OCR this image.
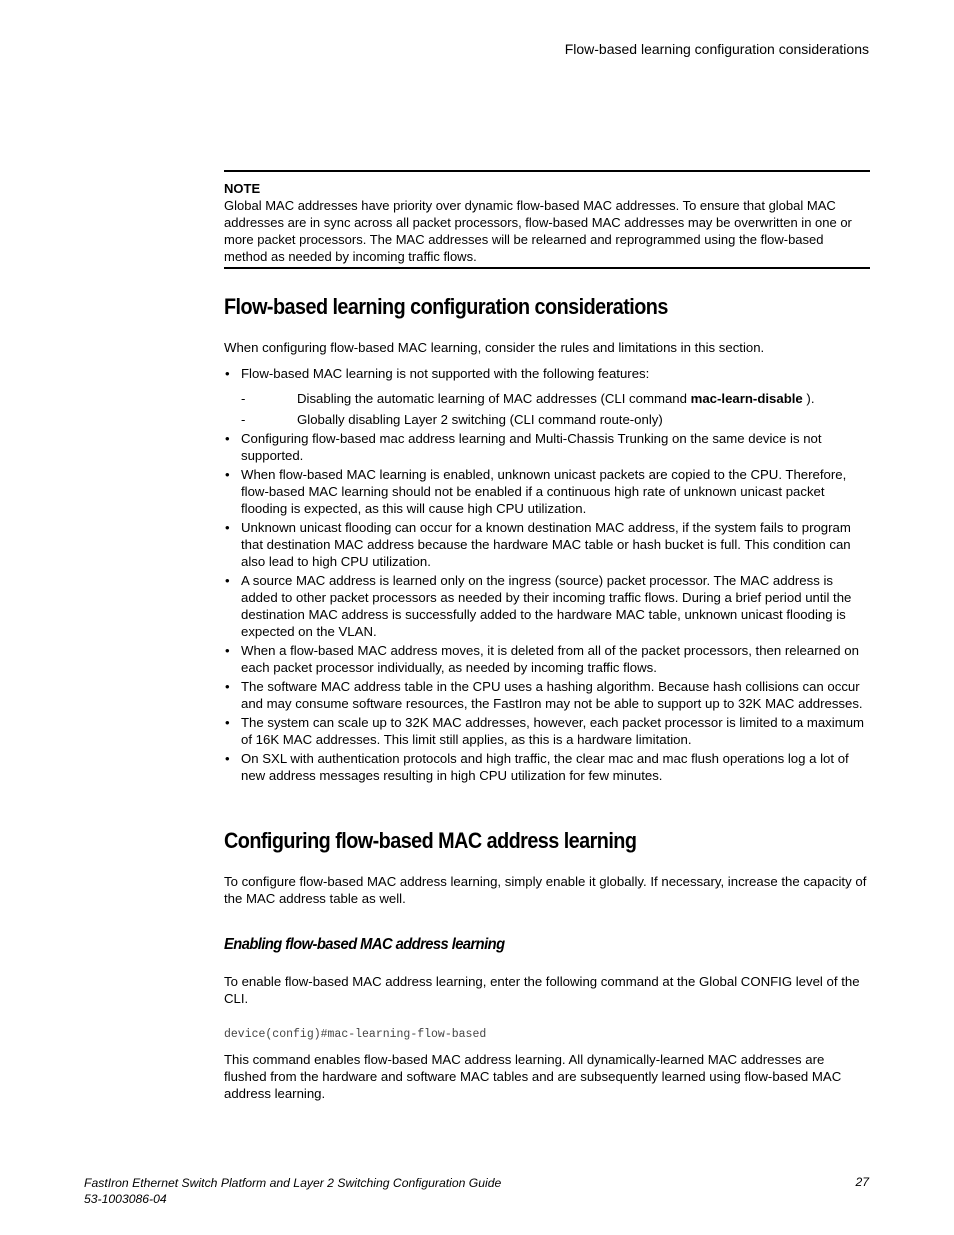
Flow-based learning configuration considerations
NOTE
Global MAC addresses have priority over dynamic flow-based MAC addresses. To ensure that global MAC addresses are in sync across all packet processors, flow-based MAC addresses may be overwritten in one or more packet processors. The MAC addresses will be relearned and reprogrammed using the flow-based method as needed by incoming traffic flows.
Flow-based learning configuration considerations
When configuring flow-based MAC learning, consider the rules and limitations in this section.
• Flow-based MAC learning is not supported with the following features:
-	Disabling the automatic learning of MAC addresses (CLI command mac-learn-disable ).
-	Globally disabling Layer 2 switching (CLI command route-only)
• Configuring flow-based mac address learning and Multi-Chassis Trunking on the same device is not supported.
• When flow-based MAC learning is enabled, unknown unicast packets are copied to the CPU. Therefore, flow-based MAC learning should not be enabled if a continuous high rate of unknown unicast packet flooding is expected, as this will cause high CPU utilization.
• Unknown unicast flooding can occur for a known destination MAC address, if the system fails to program that destination MAC address because the hardware MAC table or hash bucket is full. This condition can also lead to high CPU utilization.
• A source MAC address is learned only on the ingress (source) packet processor. The MAC address is added to other packet processors as needed by their incoming traffic flows. During a brief period until the destination MAC address is successfully added to the hardware MAC table, unknown unicast flooding is expected on the VLAN.
• When a flow-based MAC address moves, it is deleted from all of the packet processors, then relearned on each packet processor individually, as needed by incoming traffic flows.
• The software MAC address table in the CPU uses a hashing algorithm. Because hash collisions can occur and may consume software resources, the FastIron may not be able to support up to 32K MAC addresses.
• The system can scale up to 32K MAC addresses, however, each packet processor is limited to a maximum of 16K MAC addresses. This limit still applies, as this is a hardware limitation.
• On SXL with authentication protocols and high traffic, the clear mac and mac flush operations log a lot of new address messages resulting in high CPU utilization for few minutes.
Configuring flow-based MAC address learning
To configure flow-based MAC address learning, simply enable it globally. If necessary, increase the capacity of the MAC address table as well.
Enabling flow-based MAC address learning
To enable flow-based MAC address learning, enter the following command at the Global CONFIG level of the CLI.
device(config)#mac-learning-flow-based
This command enables flow-based MAC address learning. All dynamically-learned MAC addresses are flushed from the hardware and software MAC tables and are subsequently learned using flow-based MAC address learning.
FastIron Ethernet Switch Platform and Layer 2 Switching Configuration Guide
53-1003086-04
27
